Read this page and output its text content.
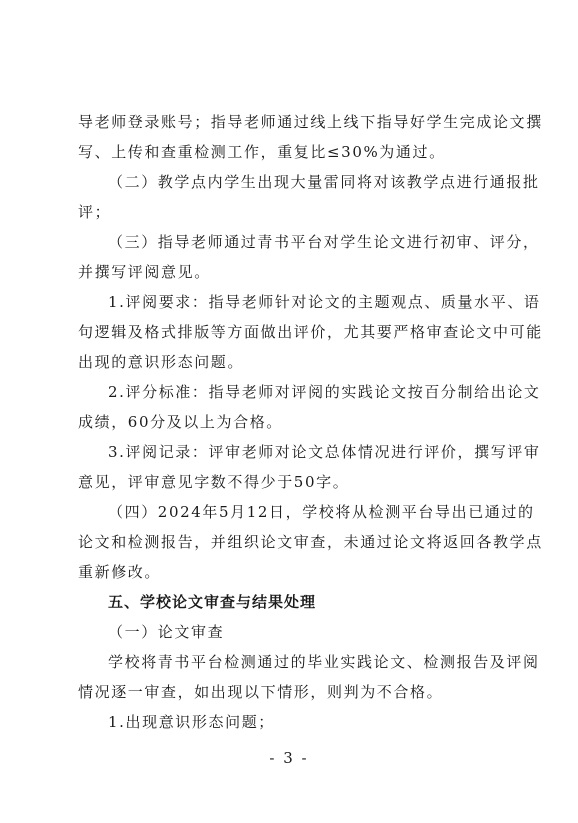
导老师登录账号；指导老师通过线上线下指导好学生完成论文撰
写、上传和查重检测工作，重复比≤30%为通过。
（二）教学点内学生出现大量雷同将对该教学点进行通报批
评；
（三）指导老师通过青书平台对学生论文进行初审、评分，
并撰写评阅意见。
1.评阅要求：指导老师针对论文的主题观点、质量水平、语
句逻辑及格式排版等方面做出评价，尤其要严格审查论文中可能
出现的意识形态问题。
2.评分标准：指导老师对评阅的实践论文按百分制给出论文
成绩，60分及以上为合格。
3.评阅记录：评审老师对论文总体情况进行评价，撰写评审
意见，评审意见字数不得少于50字。
（四）2024年5月12日，学校将从检测平台导出已通过的
论文和检测报告，并组织论文审查，未通过论文将返回各教学点
重新修改。
五、学校论文审查与结果处理
（一）论文审查
学校将青书平台检测通过的毕业实践论文、检测报告及评阅
情况逐一审查，如出现以下情形，则判为不合格。
1.出现意识形态问题；
- 3 -
